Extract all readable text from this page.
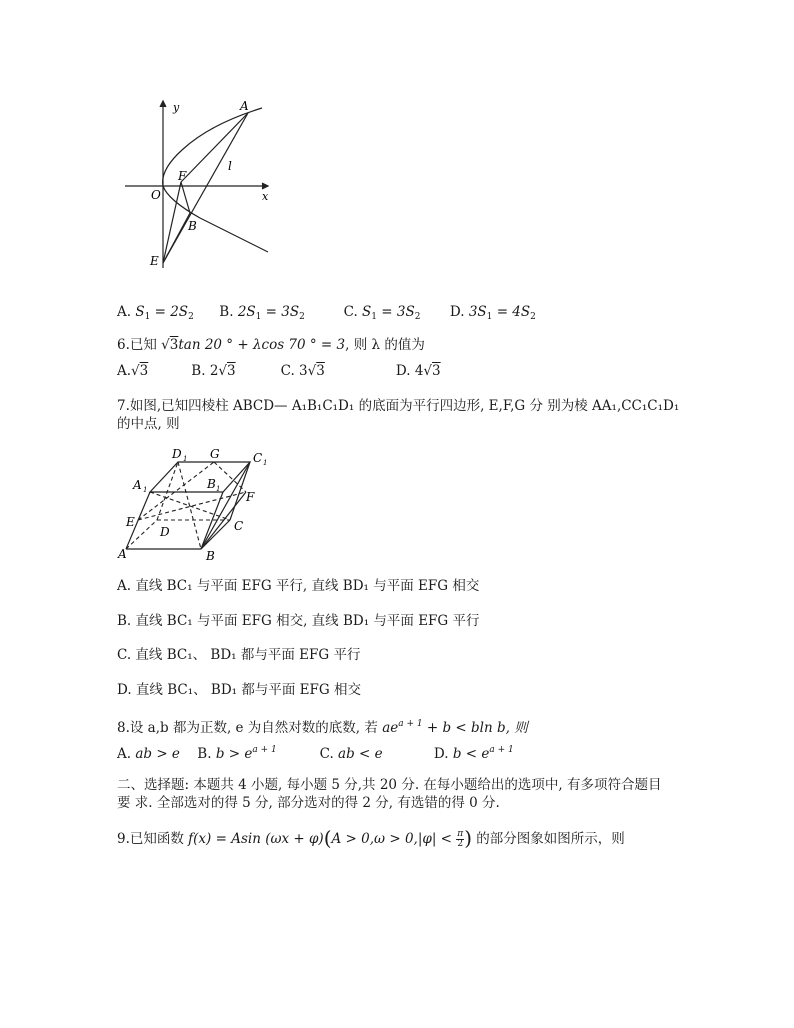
y
x
A
F
O
l
B
E
A. $S_1 = 2S_2$ B. $2S_1 = 3S_2$	C. $S_1 = 3S_2$ D. $3S_1 = 4S_2$
6.已知 √3tan 20 ° + λcos 70 ° = 3, 则 λ 的值为
A.√3	B. 2√3	C. 3√3	D. 4√3
7.如图,已知四棱柱 ABCD— A₁B₁C₁D₁ 的底面为平行四边形, E,F,G 分 别为棱 AA₁,CC₁C₁D₁
的中点, 则
D 1 G	C 1
A 1	B 1
F
E
D	C
A	B
A. 直线 BC₁ 与平面 EFG 平行, 直线 BD₁ 与平面 EFG 相交
B. 直线 BC₁ 与平面 EFG 相交, 直线 BD₁ 与平面 EFG 平行
C. 直线 BC₁、 BD₁ 都与平面 EFG 平行
D. 直线 BC₁、 BD₁ 都与平面 EFG 相交
8.设 a,b 都为正数, e 为自然对数的底数, 若 $ae^{a + 1} + b < bln$ b, 则
A. ab > e B. $b > e^{a + 1}$	C. ab < e	D. $b < e^{a + 1}$
二、选择题: 本题共 4 小题, 每小题 5 分,共 20 分. 在每小题给出的选项中, 有多项符合题目
要 求. 全部选对的得 5 分, 部分选对的得 2 分, 有选错的得 0 分.
9.已知函数 f(x) = Asin $(\omega x + \varphi)(A > 0,\omega > 0,|\varphi| < \frac{\pi}{2}$ ) 的部分图象如图所示，则
